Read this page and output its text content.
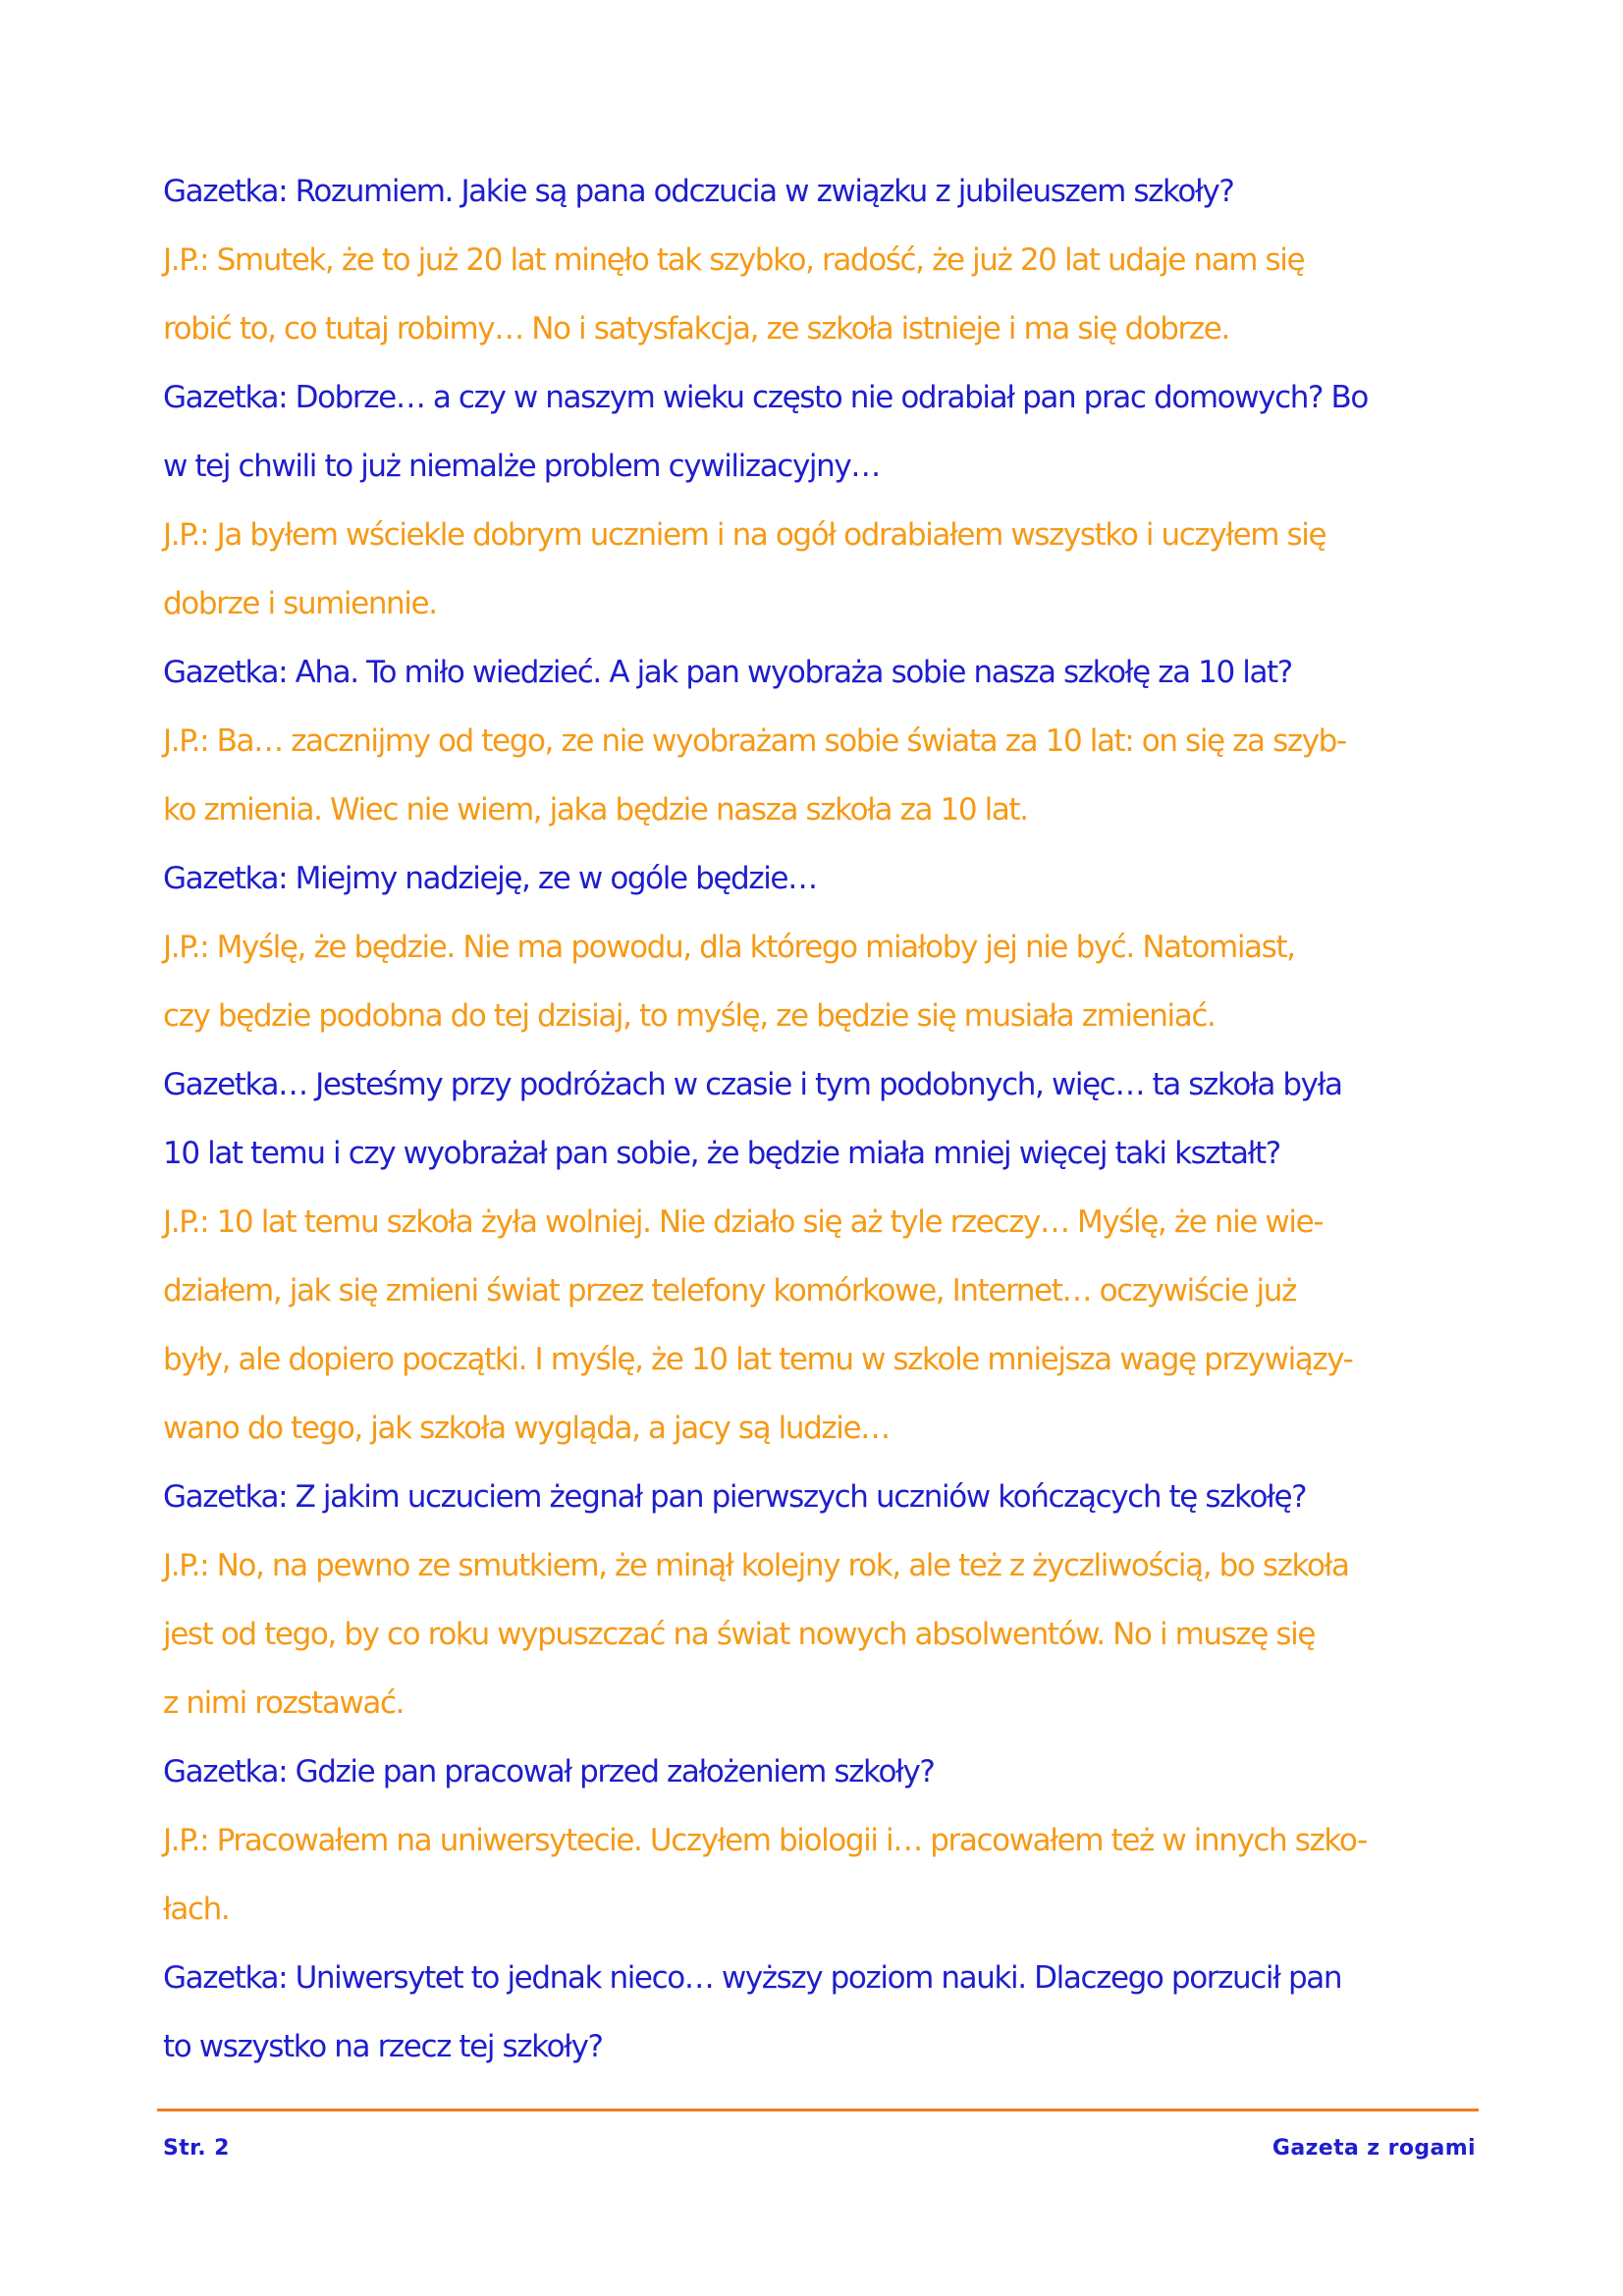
Gazetka: Rozumiem. Jakie są pana odczucia w związku z jubileuszem szkoły?
J.P.: Smutek, że to już 20 lat minęło tak szybko, radość, że już 20 lat udaje nam się
robić to, co tutaj robimy… No i satysfakcja, ze szkoła istnieje i ma się dobrze.
Gazetka: Dobrze… a czy w naszym wieku często nie odrabiał pan prac domowych? Bo
w tej chwili to już niemalże problem cywilizacyjny…
J.P.: Ja byłem wściekle dobrym uczniem i na ogół odrabiałem wszystko i uczyłem się
dobrze i sumiennie.
Gazetka: Aha. To miło wiedzieć. A jak pan wyobraża sobie nasza szkołę za 10 lat?
J.P.: Ba… zacznijmy od tego, ze nie wyobrażam sobie świata za 10 lat: on się za szyb-
ko zmienia. Wiec nie wiem, jaka będzie nasza szkoła za 10 lat.
Gazetka: Miejmy nadzieję, ze w ogóle będzie…
J.P.: Myślę, że będzie. Nie ma powodu, dla którego miałoby jej nie być. Natomiast,
czy będzie podobna do tej dzisiaj, to myślę, ze będzie się musiała zmieniać.
Gazetka… Jesteśmy przy podróżach w czasie i tym podobnych, więc… ta szkoła była
10 lat temu i czy wyobrażał pan sobie, że będzie miała mniej więcej taki kształt?
J.P.: 10 lat temu szkoła żyła wolniej. Nie działo się aż tyle rzeczy… Myślę, że nie wie-
działem, jak się zmieni świat przez telefony komórkowe, Internet… oczywiście już
były, ale dopiero początki. I myślę, że 10 lat temu w szkole mniejsza wagę przywiązy-
wano do tego, jak szkoła wygląda, a jacy są ludzie…
Gazetka: Z jakim uczuciem żegnał pan pierwszych uczniów kończących tę szkołę?
J.P.: No, na pewno ze smutkiem, że minął kolejny rok, ale też z życzliwością, bo szkoła
jest od tego, by co roku wypuszczać na świat nowych absolwentów. No i muszę się
z nimi rozstawać.
Gazetka: Gdzie pan pracował przed założeniem szkoły?
J.P.: Pracowałem na uniwersytecie. Uczyłem biologii i… pracowałem też w innych szko-
łach.
Gazetka: Uniwersytet to jednak nieco… wyższy poziom nauki. Dlaczego porzucił pan
to wszystko na rzecz tej szkoły?
Str. 2	Gazeta z rogami
